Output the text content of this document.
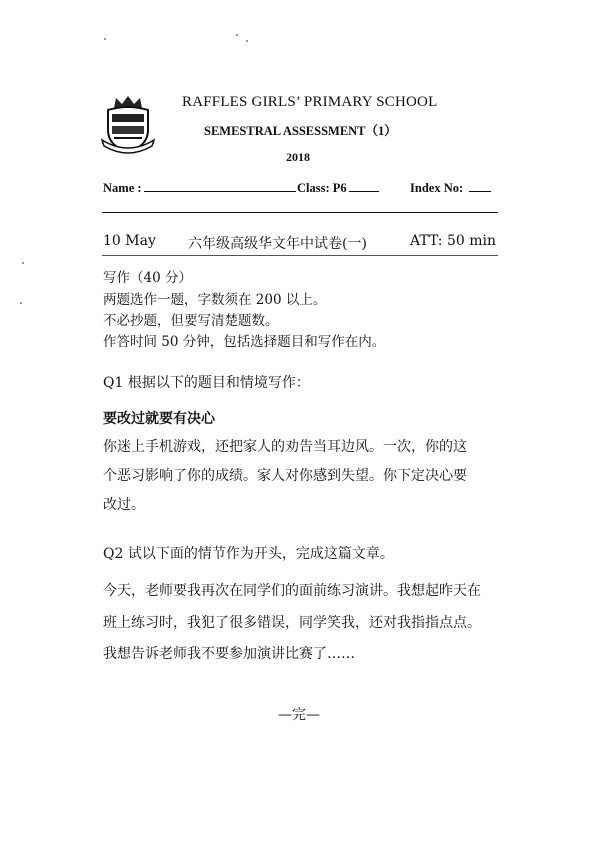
RAFFLES GIRLS’ PRIMARY SCHOOL
SEMESTRAL ASSESSMENT（1）
2018
Name :	Class: P6	Index No:
10 May 六年级高级华文年中试卷(一)	ATT: 50 min
写作（40 分）
两题选作一题，字数须在 200 以上。
不必抄题，但要写清楚题数。
作答时间 50 分钟，包括选择题目和写作在内。
Q1 根据以下的题目和情境写作：
要改过就要有决心
你迷上手机游戏，还把家人的劝告当耳边风。一次，你的这
个恶习影响了你的成绩。家人对你感到失望。你下定决心要
改过。
Q2 试以下面的情节作为开头，完成这篇文章。
今天，老师要我再次在同学们的面前练习演讲。我想起昨天在
班上练习时，我犯了很多错误，同学笑我，还对我指指点点。
我想告诉老师我不要参加演讲比赛了……
—完—
